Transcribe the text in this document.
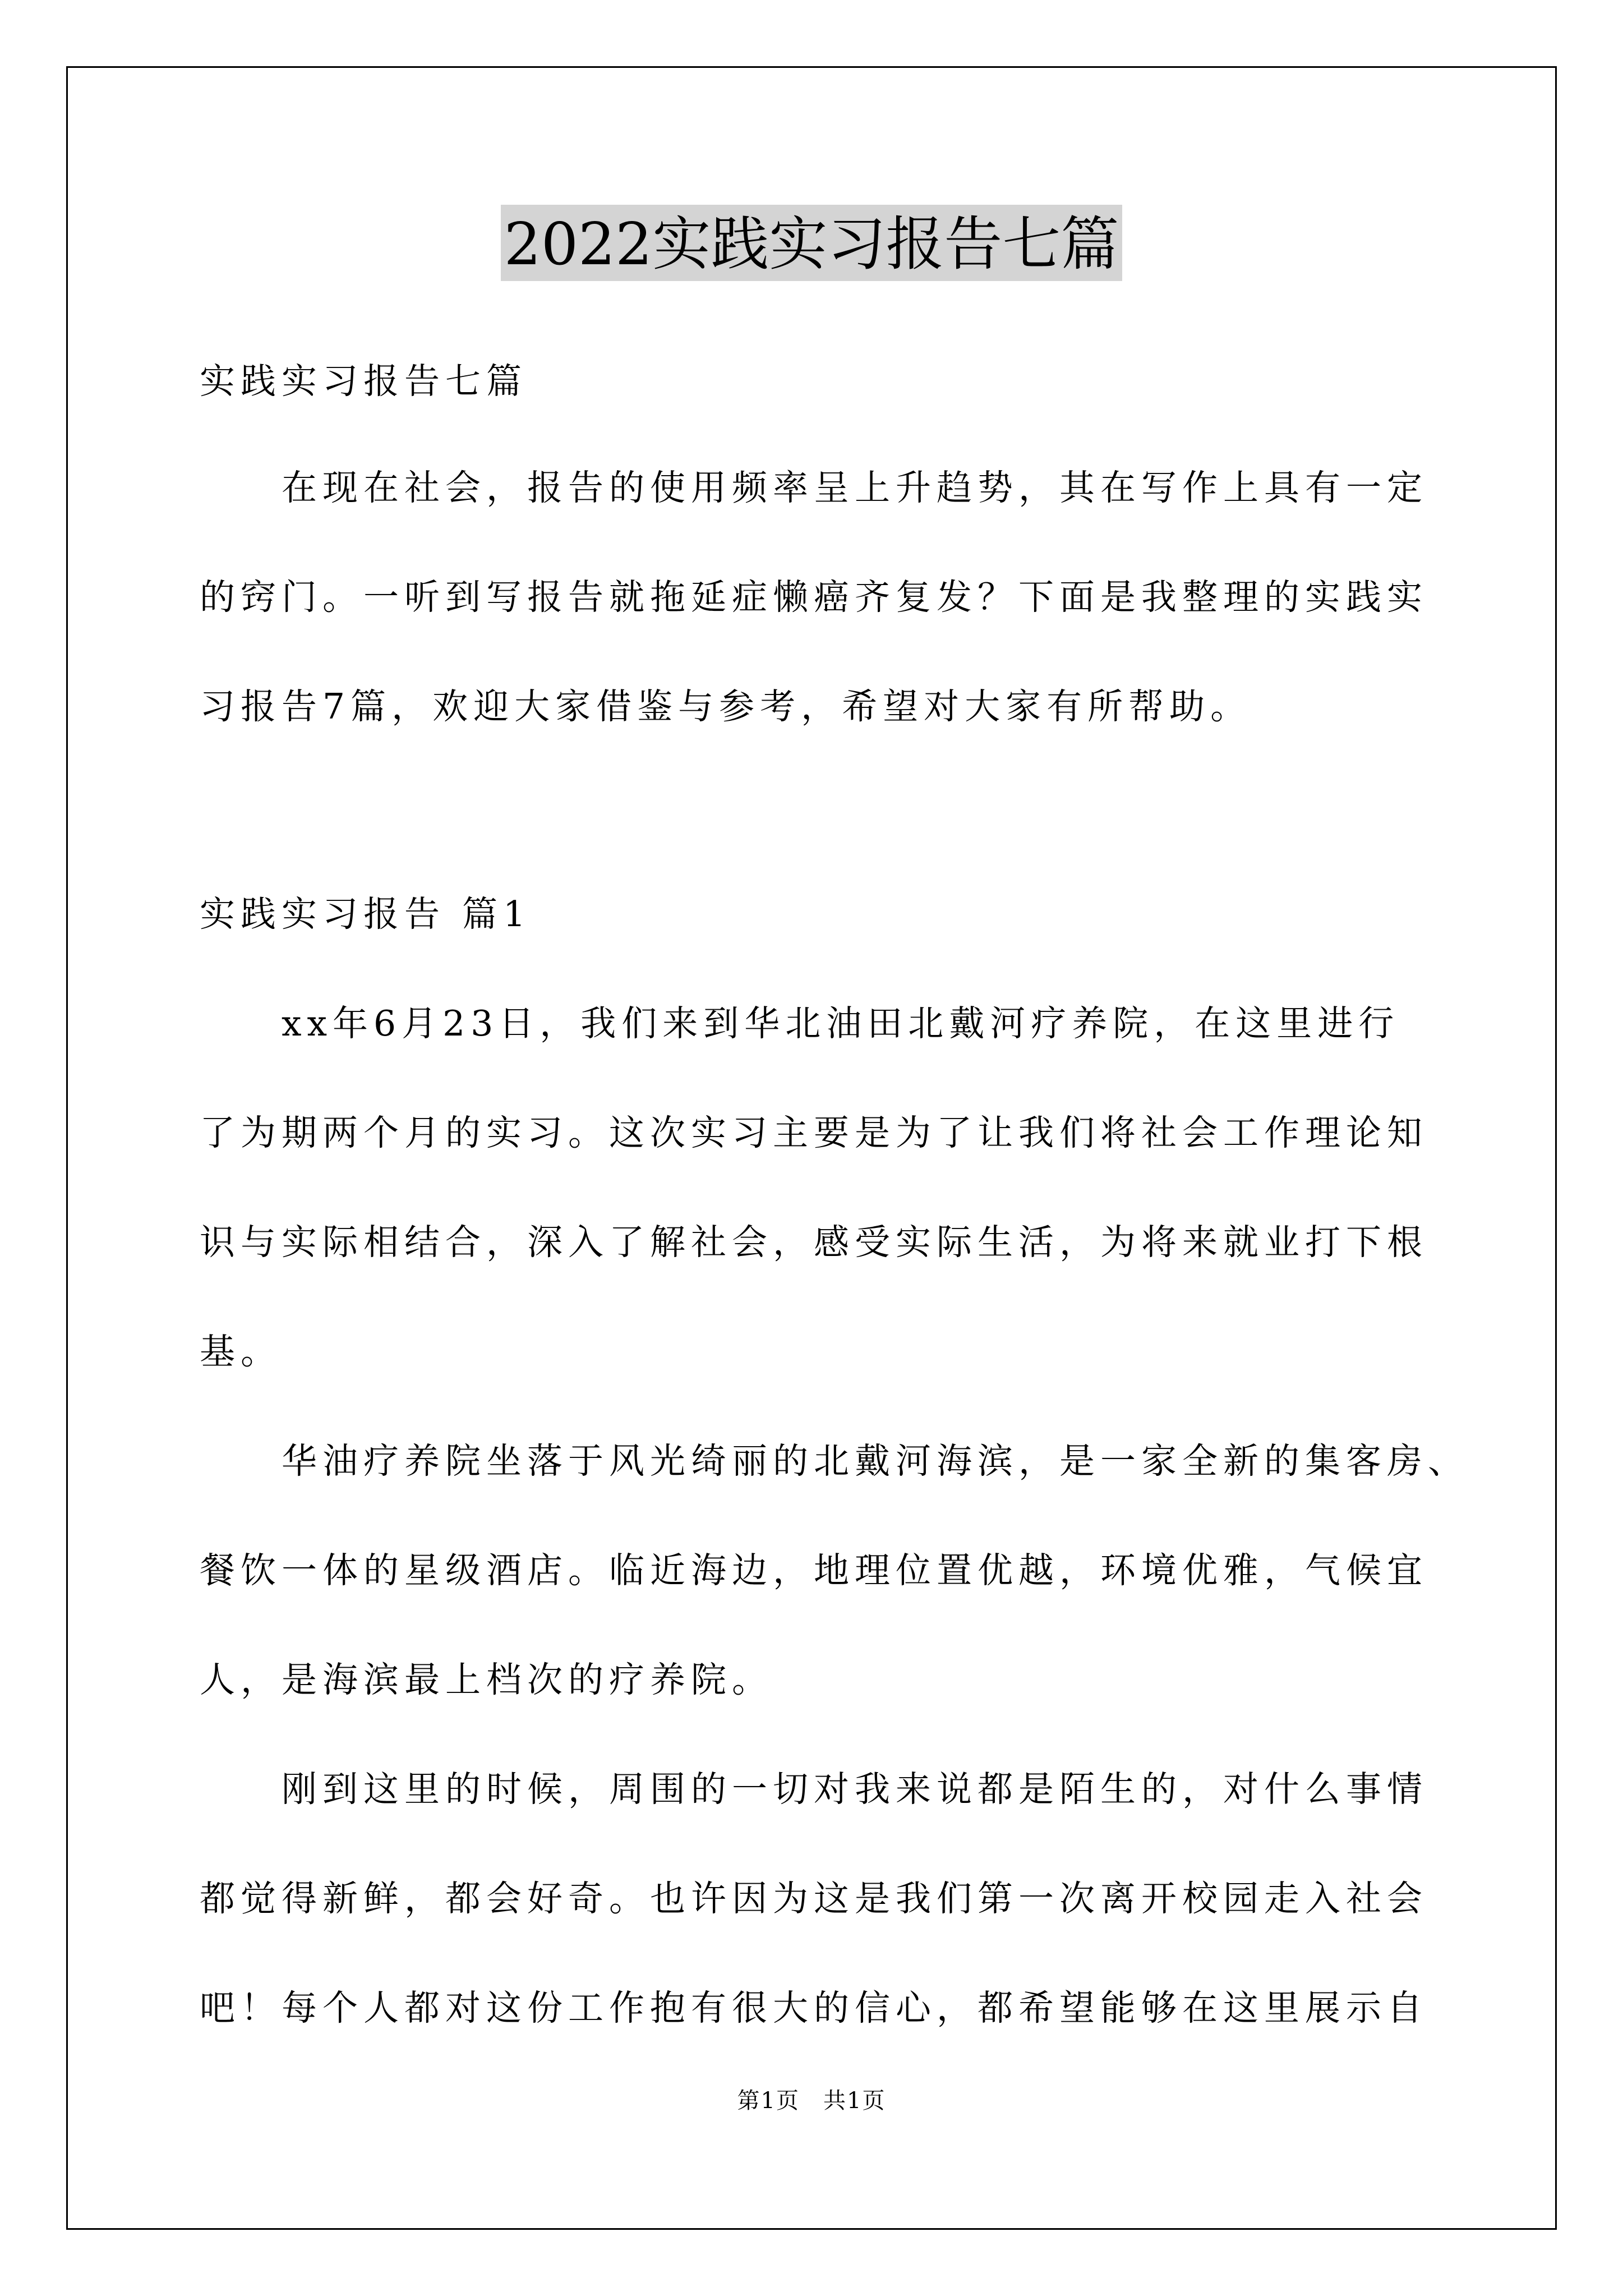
2022实践实习报告七篇
实践实习报告七篇
在现在社会，报告的使用频率呈上升趋势，其在写作上具有一定
的窍门。一听到写报告就拖延症懒癌齐复发？下面是我整理的实践实
习报告7篇，欢迎大家借鉴与参考，希望对大家有所帮助。
实践实习报告 篇1
xx年6月23日，我们来到华北油田北戴河疗养院，在这里进行
了为期两个月的实习。这次实习主要是为了让我们将社会工作理论知
识与实际相结合，深入了解社会，感受实际生活，为将来就业打下根
基。
华油疗养院坐落于风光绮丽的北戴河海滨，是一家全新的集客房、
餐饮一体的星级酒店。临近海边，地理位置优越，环境优雅，气候宜
人，是海滨最上档次的疗养院。
刚到这里的时候，周围的一切对我来说都是陌生的，对什么事情
都觉得新鲜，都会好奇。也许因为这是我们第一次离开校园走入社会
吧！每个人都对这份工作抱有很大的信心，都希望能够在这里展示自
第1页　共1页
